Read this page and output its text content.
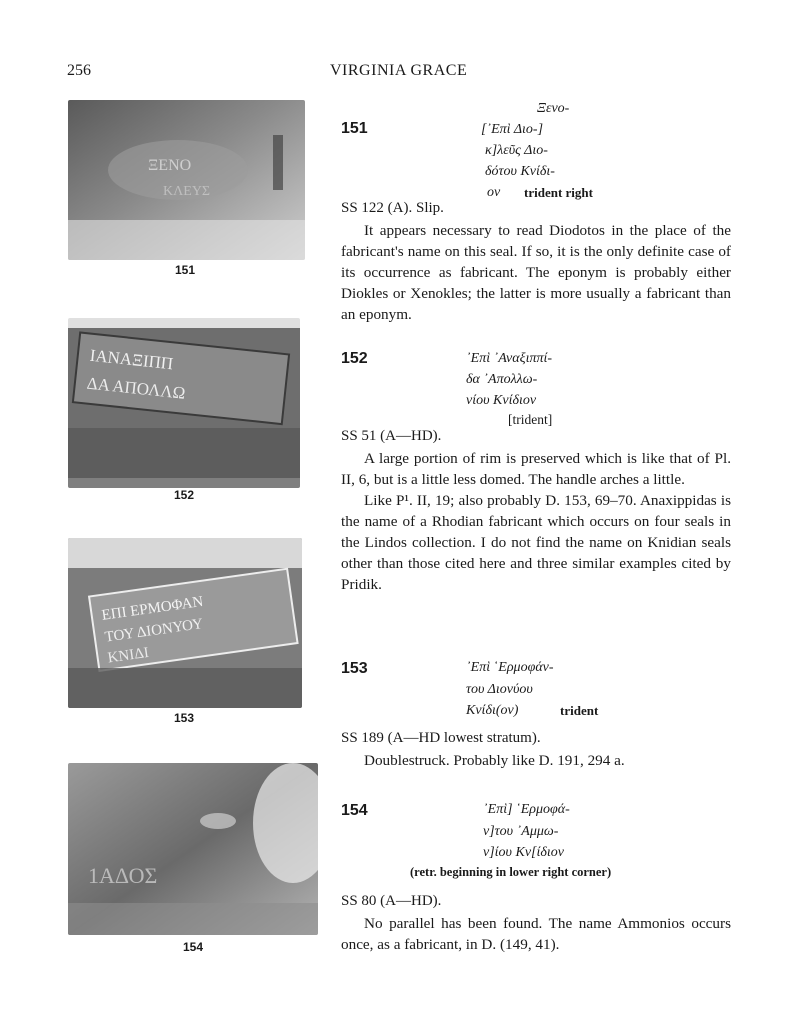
256	VIRGINIA GRACE
ΞΕΝΟ
ΚΛΕΥΣ
151
ΙΑΝΑΞΙΠΠ
ΔΑ ΑΠΟΛΛΩ
152
ΕΠΙ ΕΡΜΟΦΑΝ
ΤΟΥ ΔΙΟΝΥΟΥ
ΚΝΙΔΙ
153
1ΑΔΟΣ
154
151
Ξενο-
[᾿Επὶ Διο-]
κ]λεῦς Διο-
δότου Κνίδι-
ον trident right
SS 122 (A). Slip.

It appears necessary to read Diodotos in the place of the fabricant's name on this seal. If so, it is the only definite case of its occurrence as fabricant. The eponym is probably either Diokles or Xenokles; the latter is more usually a fabricant than an eponym.

152	᾿Επὶ ᾿Αναξιππί-
δα ᾿Απολλω-
νίου Κνίδιον
[trident]
SS 51 (A—HD).

A large portion of rim is preserved which is like that of Pl. II, 6, but is a little less domed. The handle arches a little.

Like P¹. II, 19; also probably D. 153, 69–70. Anaxippidas is the name of a Rhodian fabricant which occurs on four seals in the Lindos collection. I do not find the name on Knidian seals other than those cited here and three similar examples cited by Pridik.

153	᾿Επὶ ῾Ερμοφάν-
του Διονύου
Κνίδι(ον)	trident
SS 189 (A—HD lowest stratum).

Doublestruck. Probably like D. 191, 294 a.

154	᾿Επὶ] ῾Ερμοφά-
ν]του ᾿Αμμω-
ν]ίου Κν[ίδιον
(retr. beginning in lower right corner)
SS 80 (A—HD).

No parallel has been found. The name Ammonios occurs once, as a fabricant, in D. (149, 41).
